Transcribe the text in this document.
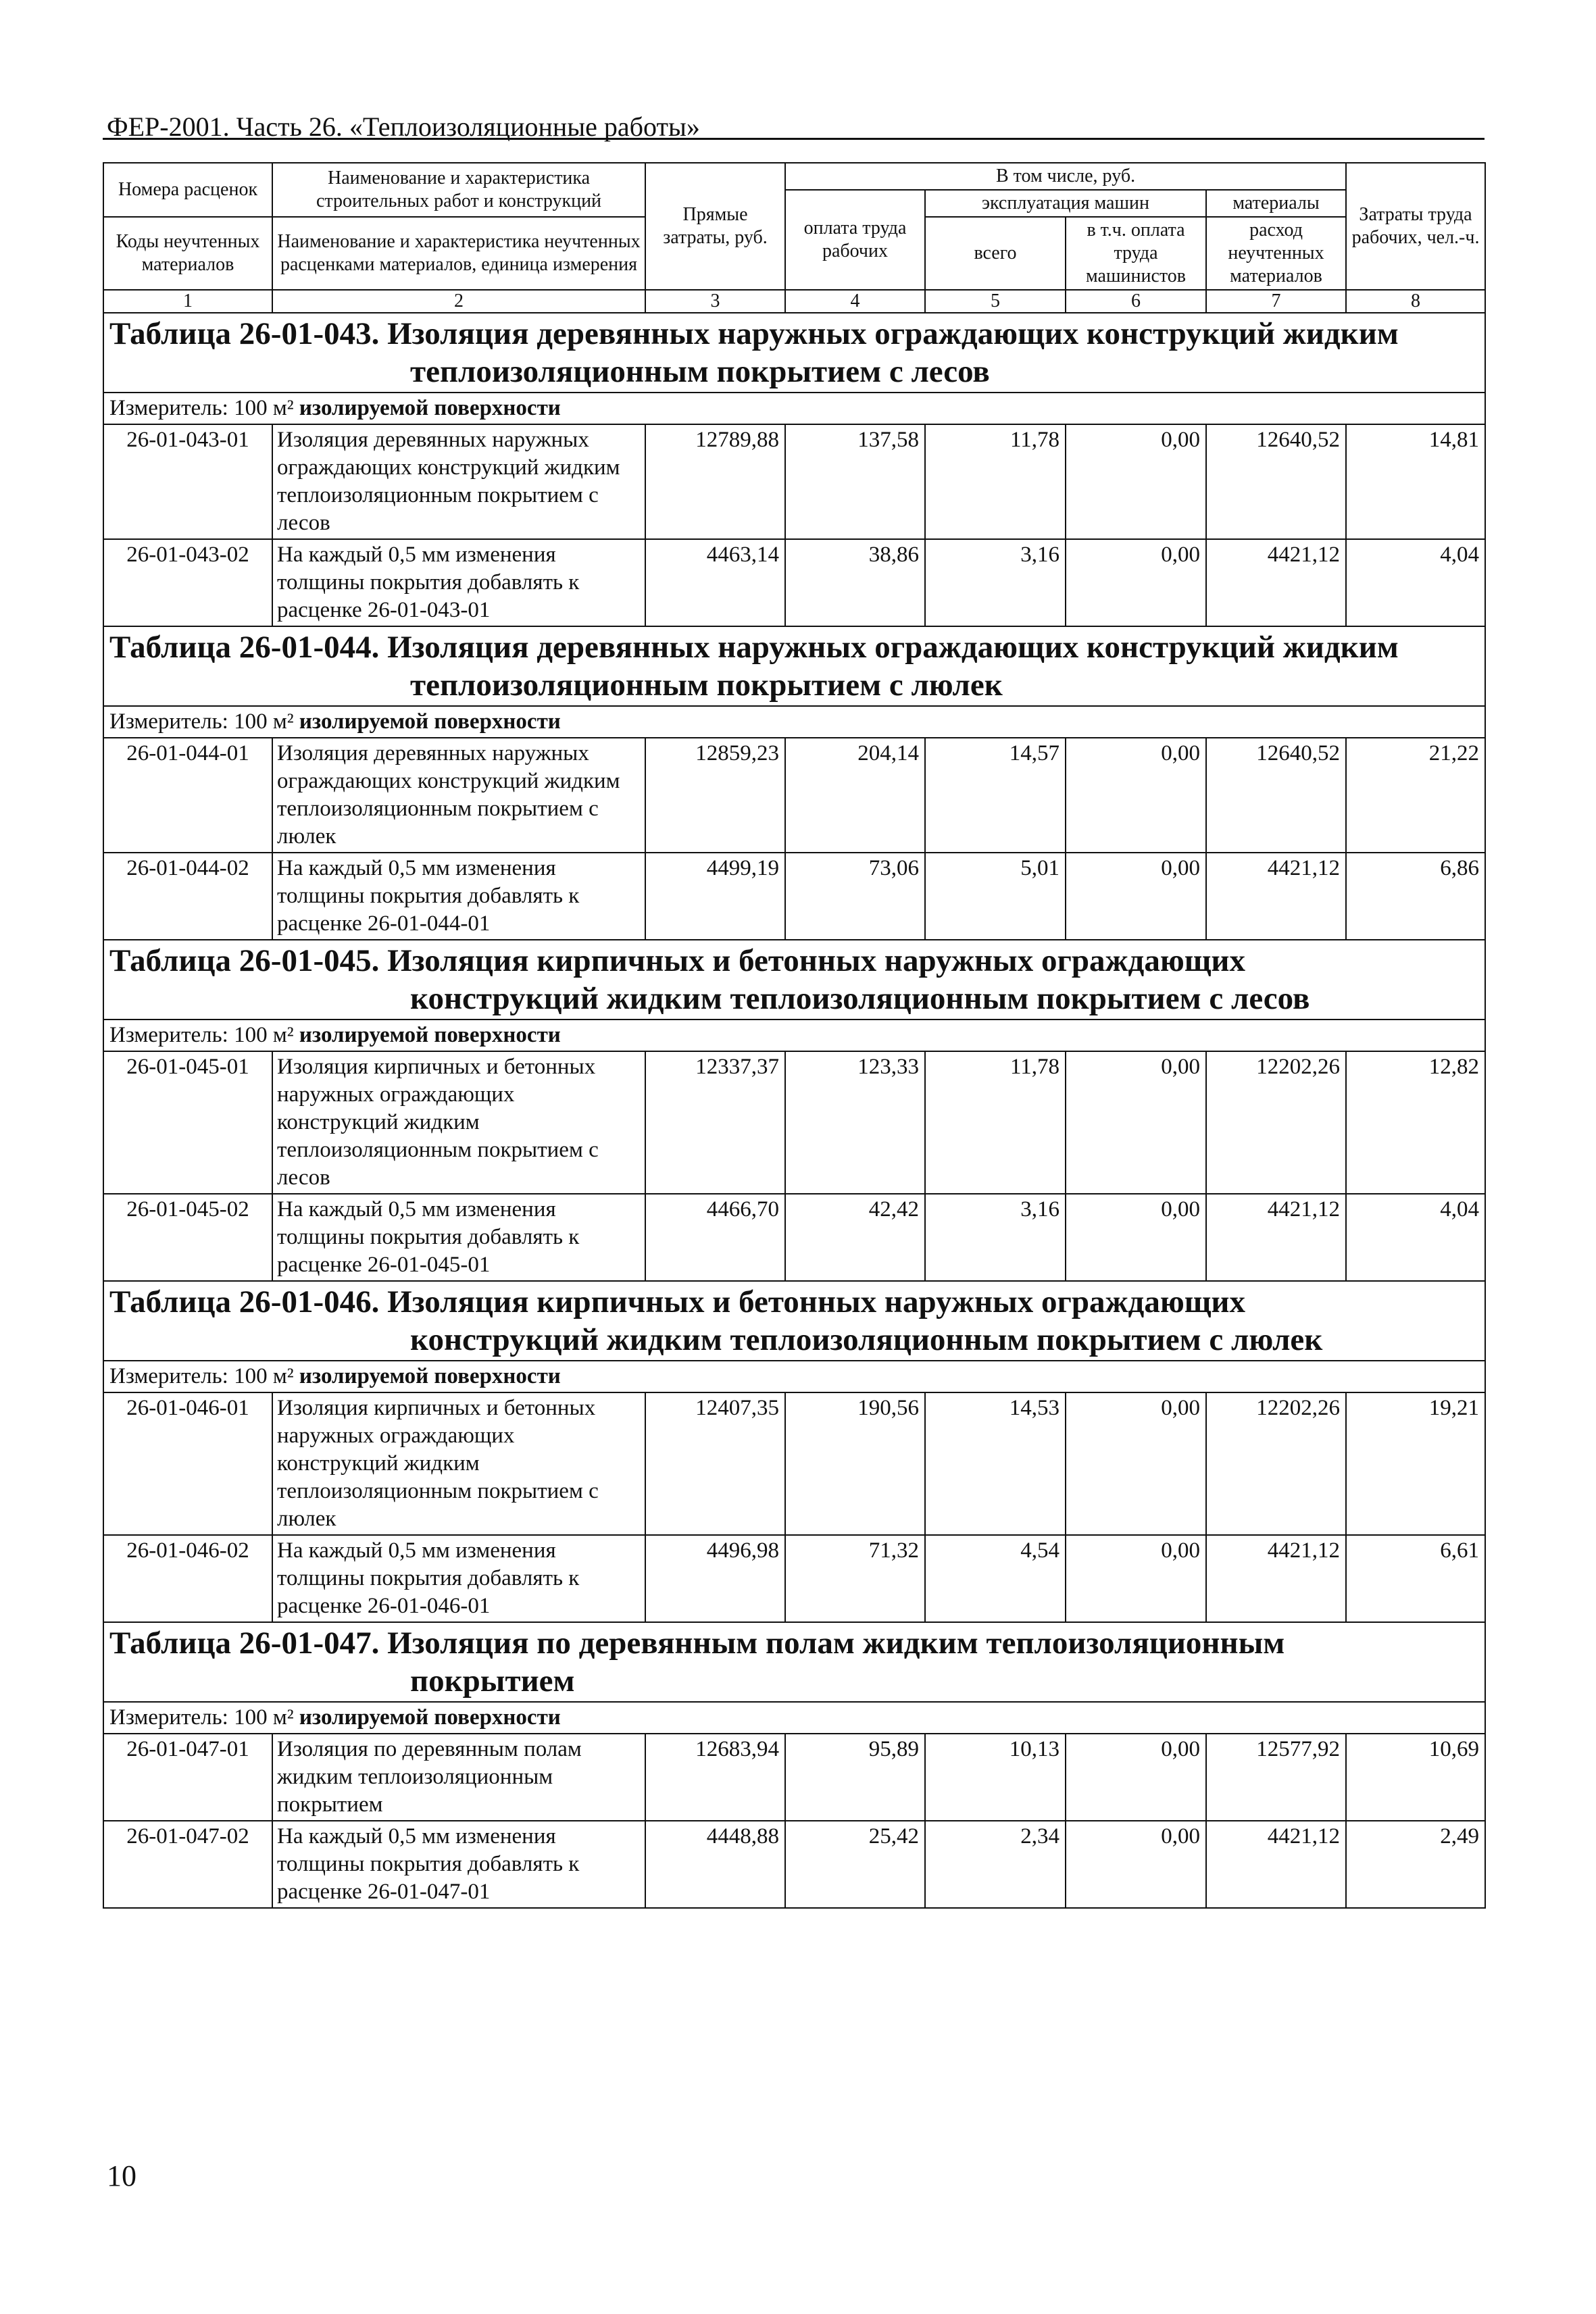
ФЕР-2001. Часть 26. «Теплоизоляционные работы»
Номера расценок	Наименование и характеристика строительных работ и конструкций	Прямые затраты, руб.	В том числе, руб.				Затраты труда рабочих, чел.-ч.
			оплата труда рабочих	эксплуатация машин		материалы	
Коды неучтенных материалов	Наименование и характеристика неучтенных расценками материалов, единица измерения			всего	в т.ч. оплата труда машинистов	расход неучтенных материалов	

1	2	3	4	5	6	7	8

Таблица 26-01-043. Изоляция деревянных наружных ограждающих конструкций жидким
теплоизоляционным покрытием с лесов							

Измеритель: 100 м² изолируемой поверхности							
26-01-043-01	Изоляция деревянных наружных ограждающих конструкций жидким теплоизоляционным покрытием с лесов	12789,88	137,58	11,78	0,00	12640,52	14,81
26-01-043-02	На каждый 0,5 мм изменения толщины покрытия добавлять к расценке 26-01-043-01	4463,14	38,86	3,16	0,00	4421,12	4,04

Таблица 26-01-044. Изоляция деревянных наружных ограждающих конструкций жидким
теплоизоляционным покрытием с люлек							

Измеритель: 100 м² изолируемой поверхности							
26-01-044-01	Изоляция деревянных наружных ограждающих конструкций жидким теплоизоляционным покрытием с люлек	12859,23	204,14	14,57	0,00	12640,52	21,22
26-01-044-02	На каждый 0,5 мм изменения толщины покрытия добавлять к расценке 26-01-044-01	4499,19	73,06	5,01	0,00	4421,12	6,86

Таблица 26-01-045. Изоляция кирпичных и бетонных наружных ограждающих
конструкций жидким теплоизоляционным покрытием с лесов							

Измеритель: 100 м² изолируемой поверхности							
26-01-045-01	Изоляция кирпичных и бетонных наружных ограждающих конструкций жидким теплоизоляционным покрытием с лесов	12337,37	123,33	11,78	0,00	12202,26	12,82
26-01-045-02	На каждый 0,5 мм изменения толщины покрытия добавлять к расценке 26-01-045-01	4466,70	42,42	3,16	0,00	4421,12	4,04

Таблица 26-01-046. Изоляция кирпичных и бетонных наружных ограждающих
конструкций жидким теплоизоляционным покрытием с люлек							

Измеритель: 100 м² изолируемой поверхности							
26-01-046-01	Изоляция кирпичных и бетонных наружных ограждающих конструкций жидким теплоизоляционным покрытием с люлек	12407,35	190,56	14,53	0,00	12202,26	19,21
26-01-046-02	На каждый 0,5 мм изменения толщины покрытия добавлять к расценке 26-01-046-01	4496,98	71,32	4,54	0,00	4421,12	6,61

Таблица 26-01-047. Изоляция по деревянным полам жидким теплоизоляционным
покрытием							

Измеритель: 100 м² изолируемой поверхности							
26-01-047-01	Изоляция по деревянным полам жидким теплоизоляционным покрытием	12683,94	95,89	10,13	0,00	12577,92	10,69
26-01-047-02	На каждый 0,5 мм изменения толщины покрытия добавлять к расценке 26-01-047-01	4448,88	25,42	2,34	0,00	4421,12	2,49
10
